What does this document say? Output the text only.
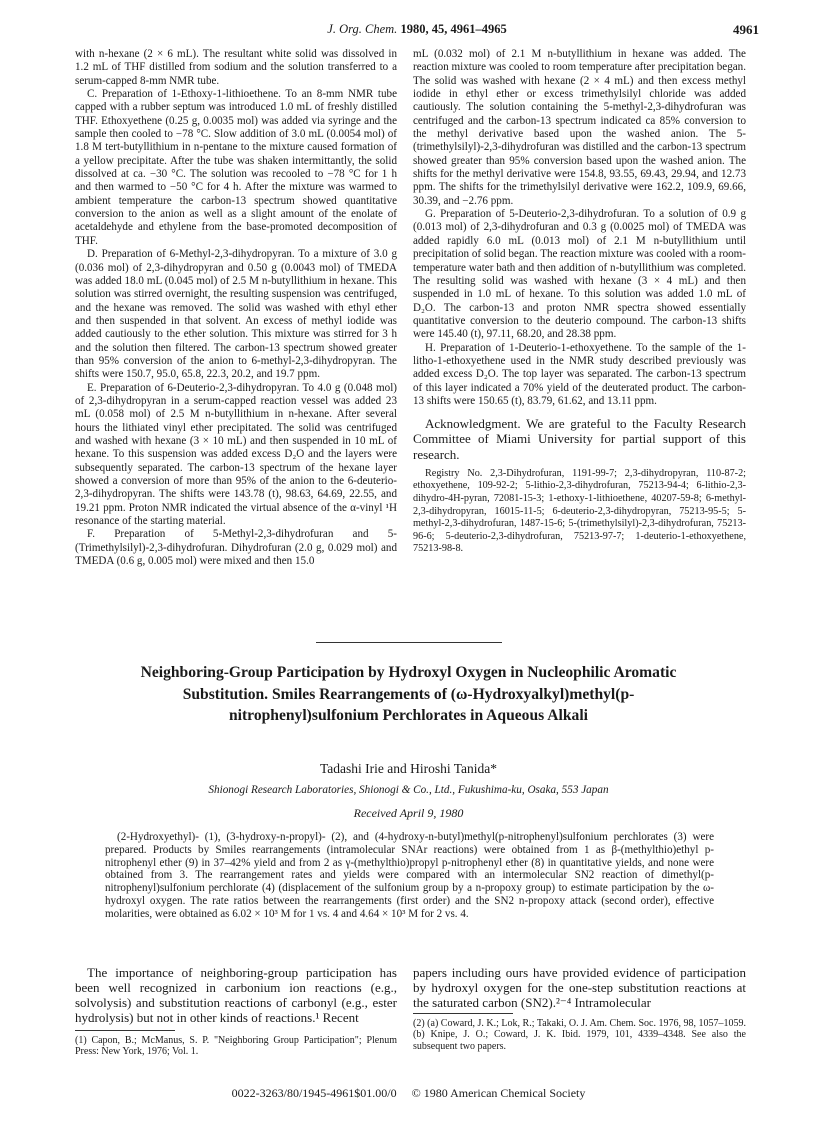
J. Org. Chem. 1980, 45, 4961–4965	4961

with n-hexane (2 × 6 mL). The resultant white solid was dissolved in 1.2 mL of THF distilled from sodium and the solution transferred to a serum-capped 8-mm NMR tube.

C. Preparation of 1-Ethoxy-1-lithioethene. To an 8-mm NMR tube capped with a rubber septum was introduced 1.0 mL of freshly distilled THF. Ethoxyethene (0.25 g, 0.0035 mol) was added via syringe and the sample then cooled to −78 °C. Slow addition of 3.0 mL (0.0054 mol) of 1.8 M tert-butyllithium in n-pentane to the mixture caused formation of a yellow precipitate. After the tube was shaken intermittantly, the solid dissolved at ca. −30 °C. The solution was recooled to −78 °C for 1 h and then warmed to −50 °C for 4 h. After the mixture was warmed to ambient temperature the carbon-13 spectrum showed quantitative conversion to the anion as well as a slight amount of the enolate of acetaldehyde and ethylene from the base-promoted decomposition of THF.

D. Preparation of 6-Methyl-2,3-dihydropyran. To a mixture of 3.0 g (0.036 mol) of 2,3-dihydropyran and 0.50 g (0.0043 mol) of TMEDA was added 18.0 mL (0.045 mol) of 2.5 M n-butyllithium in hexane. This solution was stirred overnight, the resulting suspension was centrifuged, and the hexane was removed. The solid was washed with ethyl ether and then suspended in that solvent. An excess of methyl iodide was added cautiously to the ether solution. This mixture was stirred for 3 h and the solution then filtered. The carbon-13 spectrum showed greater than 95% conversion of the anion to 6-methyl-2,3-dihydropyran. The shifts were 150.7, 95.0, 65.8, 22.3, 20.2, and 19.7 ppm.

E. Preparation of 6-Deuterio-2,3-dihydropyran. To 4.0 g (0.048 mol) of 2,3-dihydropyran in a serum-capped reaction vessel was added 23 mL (0.058 mol) of 2.5 M n-butyllithium in n-hexane. After several hours the lithiated vinyl ether precipitated. The solid was centrifuged and washed with hexane (3 × 10 mL) and then suspended in 10 mL of hexane. To this suspension was added excess D₂O and the layers were subsequently separated. The carbon-13 spectrum of the hexane layer showed a conversion of more than 95% of the anion to the 6-deuterio-2,3-dihydropyran. The shifts were 143.78 (t), 98.63, 64.69, 22.55, and 19.21 ppm. Proton NMR indicated the virtual absence of the α-vinyl ¹H resonance of the starting material.

F. Preparation of 5-Methyl-2,3-dihydrofuran and 5-(Trimethylsilyl)-2,3-dihydrofuran. Dihydrofuran (2.0 g, 0.029 mol) and TMEDA (0.6 g, 0.005 mol) were mixed and then 15.0

mL (0.032 mol) of 2.1 M n-butyllithium in hexane was added. The reaction mixture was cooled to room temperature after precipitation began. The solid was washed with hexane (2 × 4 mL) and then excess methyl iodide in ethyl ether or excess trimethylsilyl chloride was added cautiously. The solution containing the 5-methyl-2,3-dihydrofuran was centrifuged and the carbon-13 spectrum indicated ca 85% conversion to the methyl derivative based upon the washed anion. The 5-(trimethylsilyl)-2,3-dihydrofuran was distilled and the carbon-13 spectrum showed greater than 95% conversion based upon the washed anion. The shifts for the methyl derivative were 154.8, 93.55, 69.43, 29.94, and 12.73 ppm. The shifts for the trimethylsilyl derivative were 162.2, 109.9, 69.66, 30.39, and −2.76 ppm.

G. Preparation of 5-Deuterio-2,3-dihydrofuran. To a solution of 0.9 g (0.013 mol) of 2,3-dihydrofuran and 0.3 g (0.0025 mol) of TMEDA was added rapidly 6.0 mL (0.013 mol) of 2.1 M n-butyllithium until precipitation of solid began. The reaction mixture was cooled with a room-temperature water bath and then addition of n-butyllithium was completed. The resulting solid was washed with hexane (3 × 4 mL) and then suspended in 1.0 mL of hexane. To this solution was added 1.0 mL of D₂O. The carbon-13 and proton NMR spectra showed essentially quantitative conversion to the deuterio compound. The carbon-13 shifts were 145.40 (t), 97.11, 68.20, and 28.38 ppm.

H. Preparation of 1-Deuterio-1-ethoxyethene. To the sample of the 1-litho-1-ethoxyethene used in the NMR study described previously was added excess D₂O. The top layer was separated. The carbon-13 spectrum of this layer indicated a 70% yield of the deuterated product. The carbon-13 shifts were 150.65 (t), 83.79, 61.62, and 13.11 ppm.

Acknowledgment. We are grateful to the Faculty Research Committee of Miami University for partial support of this research.

Registry No. 2,3-Dihydrofuran, 1191-99-7; 2,3-dihydropyran, 110-87-2; ethoxyethene, 109-92-2; 5-lithio-2,3-dihydrofuran, 75213-94-4; 6-lithio-2,3-dihydro-4H-pyran, 72081-15-3; 1-ethoxy-1-lithioethene, 40207-59-8; 6-methyl-2,3-dihydropyran, 16015-11-5; 6-deuterio-2,3-dihydropyran, 75213-95-5; 5-methyl-2,3-dihydrofuran, 1487-15-6; 5-(trimethylsilyl)-2,3-dihydrofuran, 75213-96-6; 5-deuterio-2,3-dihydrofuran, 75213-97-7; 1-deuterio-1-ethoxyethene, 75213-98-8.

Neighboring-Group Participation by Hydroxyl Oxygen in Nucleophilic Aromatic Substitution. Smiles Rearrangements of (ω-Hydroxyalkyl)methyl(p-nitrophenyl)sulfonium Perchlorates in Aqueous Alkali
Tadashi Irie and Hiroshi Tanida*
Shionogi Research Laboratories, Shionogi & Co., Ltd., Fukushima-ku, Osaka, 553 Japan
Received April 9, 1980

(2-Hydroxyethyl)- (1), (3-hydroxy-n-propyl)- (2), and (4-hydroxy-n-butyl)methyl(p-nitrophenyl)sulfonium perchlorates (3) were prepared. Products by Smiles rearrangements (intramolecular SNAr reactions) were obtained from 1 as β-(methylthio)ethyl p-nitrophenyl ether (9) in 37–42% yield and from 2 as γ-(methylthio)propyl p-nitrophenyl ether (8) in quantitative yields, and none were obtained from 3. The rearrangement rates and yields were compared with an intermolecular SN2 reaction of dimethyl(p-nitrophenyl)sulfonium perchlorate (4) (displacement of the sulfonium group by a n-propoxy group) to estimate participation by the ω-hydroxyl oxygen. The rate ratios between the rearrangements (first order) and the SN2 n-propoxy attack (second order), effective molarities, were obtained as 6.02 × 10³ M for 1 vs. 4 and 4.64 × 10³ M for 2 vs. 4.

The importance of neighboring-group participation has been well recognized in carbonium ion reactions (e.g., solvolysis) and substitution reactions of carbonyl (e.g., ester hydrolysis) but not in other kinds of reactions.¹ Recent

papers including ours have provided evidence of participation by hydroxyl oxygen for the one-step substitution reactions at the saturated carbon (SN2).²⁻⁴ Intramolecular

(1) Capon, B.; McManus, S. P. "Neighboring Group Participation"; Plenum Press: New York, 1976; Vol. 1.

(2) (a) Coward, J. K.; Lok, R.; Takaki, O. J. Am. Chem. Soc. 1976, 98, 1057–1059. (b) Knipe, J. O.; Coward, J. K. Ibid. 1979, 101, 4339–4348. See also the subsequent two papers.

0022-3263/80/1945-4961$01.00/0 © 1980 American Chemical Society
